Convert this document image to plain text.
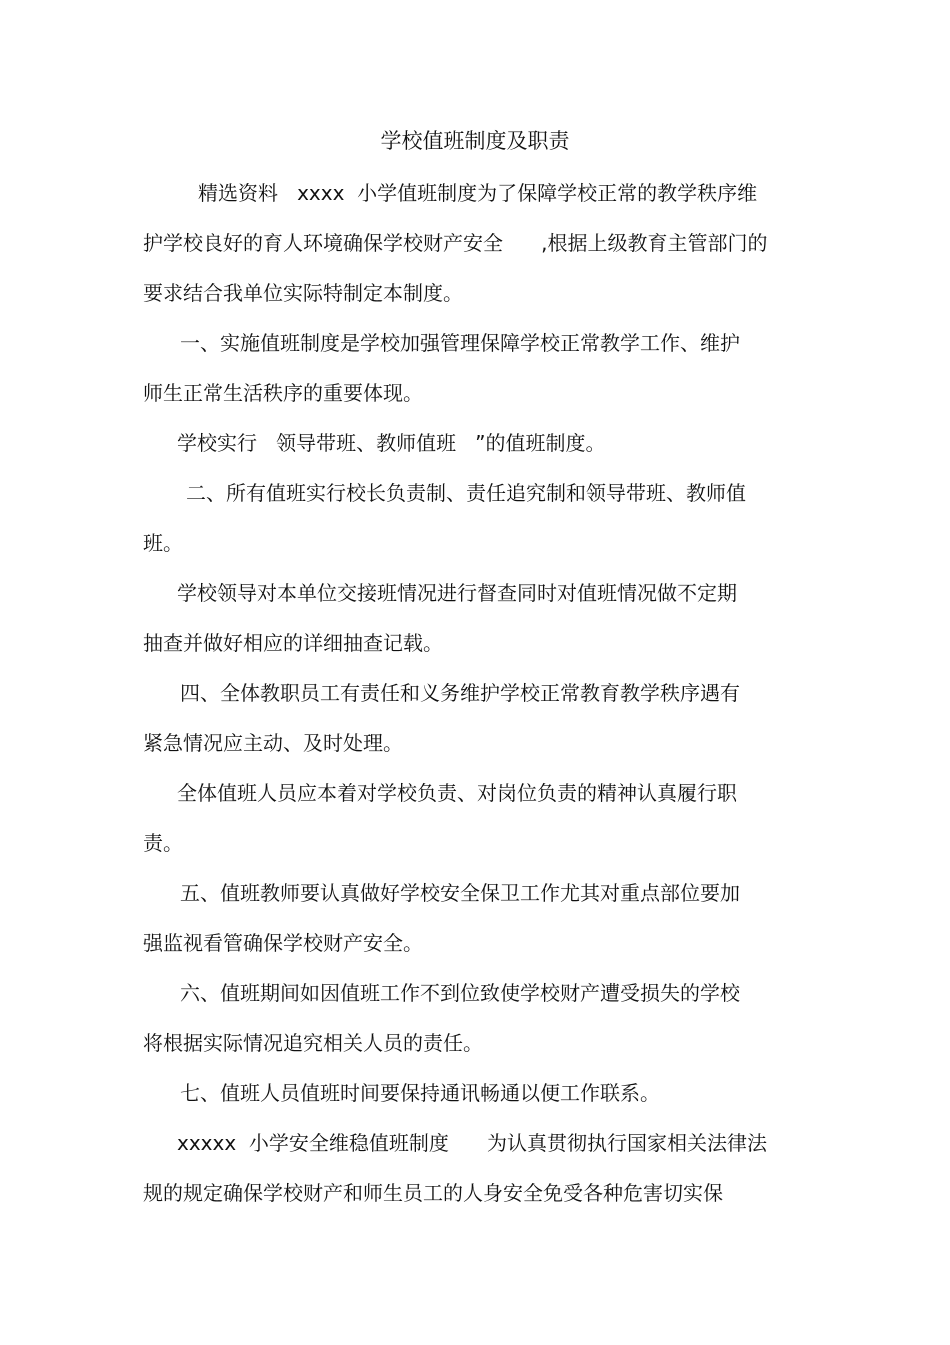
学校值班制度及职责
精选资料   xxxx  小学值班制度为了保障学校正常的教学秩序维
护学校良好的育人环境确保学校财产安全      ,根据上级教育主管部门的
要求结合我单位实际特制定本制度。
一、实施值班制度是学校加强管理保障学校正常教学工作、维护
师生正常生活秩序的重要体现。
学校实行   领导带班、教师值班   ”的值班制度。
二、所有值班实行校长负责制、责任追究制和领导带班、教师值
班。
学校领导对本单位交接班情况进行督查同时对值班情况做不定期
抽查并做好相应的详细抽查记载。
四、全体教职员工有责任和义务维护学校正常教育教学秩序遇有
紧急情况应主动、及时处理。
全体值班人员应本着对学校负责、对岗位负责的精神认真履行职
责。
五、值班教师要认真做好学校安全保卫工作尤其对重点部位要加
强监视看管确保学校财产安全。
六、值班期间如因值班工作不到位致使学校财产遭受损失的学校
将根据实际情况追究相关人员的责任。
七、值班人员值班时间要保持通讯畅通以便工作联系。
xxxxx  小学安全维稳值班制度      为认真贯彻执行国家相关法律法
规的规定确保学校财产和师生员工的人身安全免受各种危害切实保
